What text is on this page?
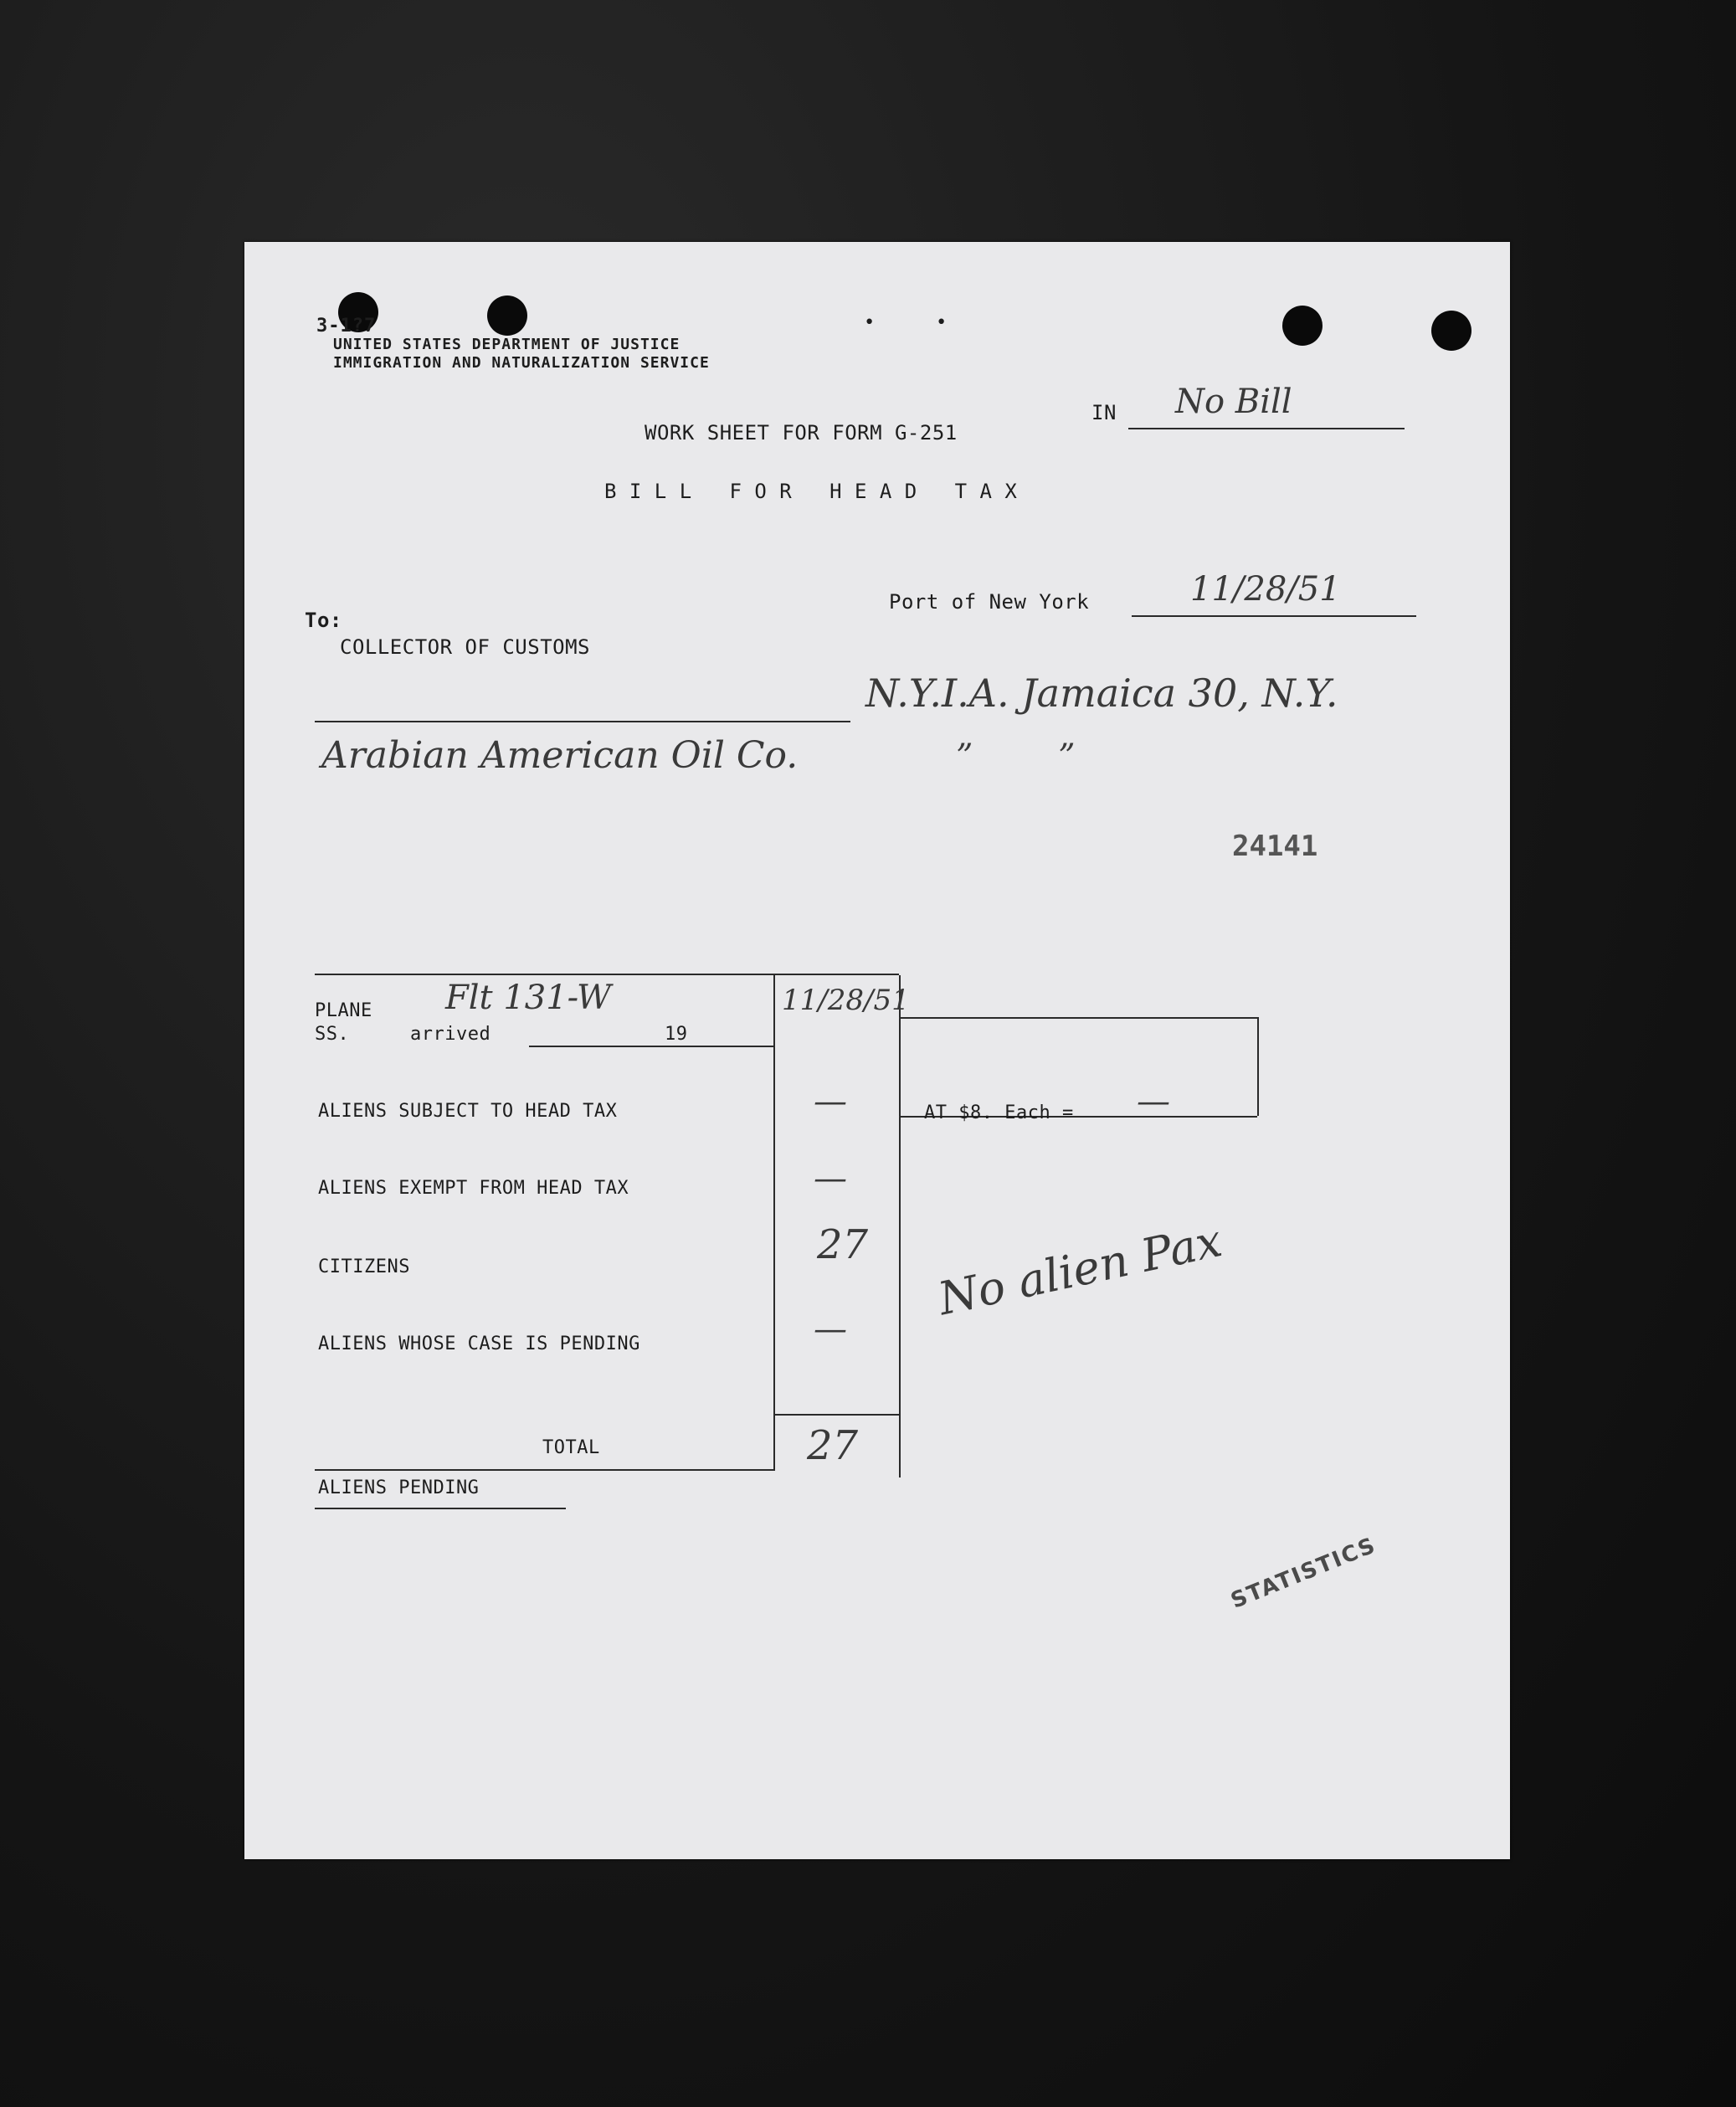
•	•
3-1?7
UNITED STATES DEPARTMENT OF JUSTICE
IMMIGRATION AND NATURALIZATION SERVICE
IN No Bill
WORK SHEET FOR FORM G-251
B I L L   F O R   H E A D   T A X
Port of New York	11/28/51
To:
COLLECTOR OF CUSTOMS
Arabian American Oil Co.
N.Y.I.A. Jamaica 30, N.Y.
”        ”
24141
PLANE Flt 131-W
SS.	arrived	19
11/28/51
ALIENS SUBJECT TO HEAD TAX	—	AT $8. Each = —
ALIENS EXEMPT FROM HEAD TAX	—
CITIZENS	27
ALIENS WHOSE CASE IS PENDING	—
TOTAL	27
ALIENS PENDING
No alien Pax
STATISTICS
